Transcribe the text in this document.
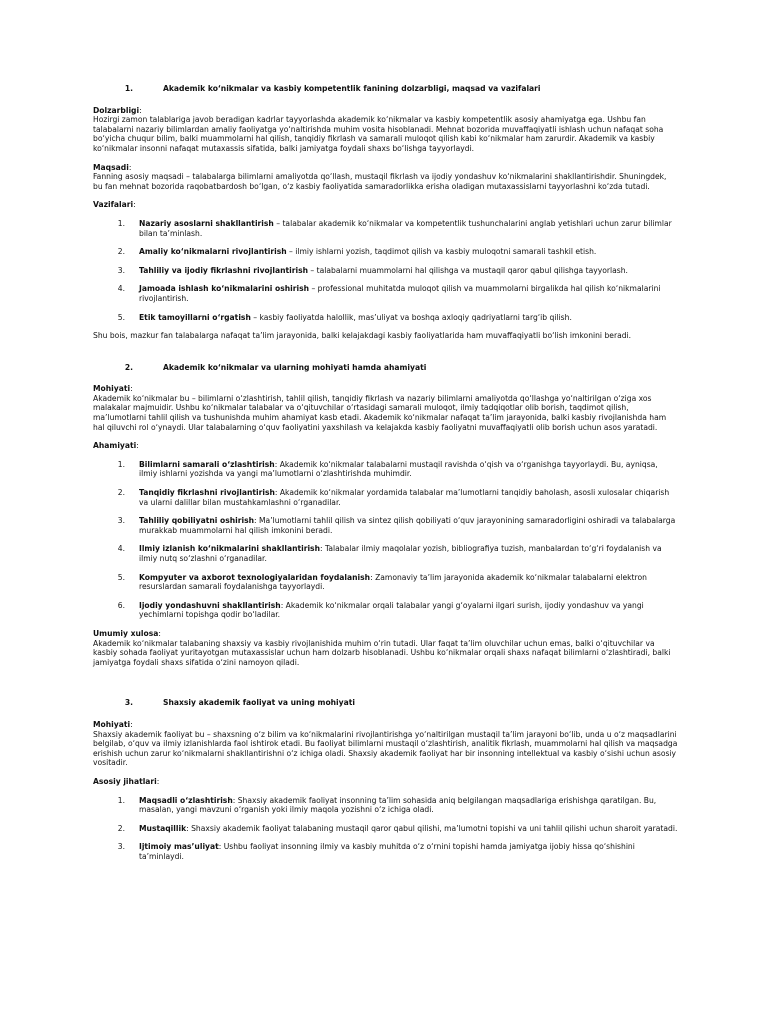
1.	Akademik ko‘nikmalar va kasbiy kompetentlik fanining dolzarbligi, maqsad va vazifalari
Dolzarbligi:
Hozirgi zamon talablariga javob beradigan kadrlar tayyorlashda akademik ko‘nikmalar va kasbiy kompetentlik asosiy ahamiyatga ega. Ushbu fan talabalarni nazariy bilimlardan amaliy faoliyatga yo‘naltirishda muhim vosita hisoblanadi. Mehnat bozorida muvaffaqiyatli ishlash uchun nafaqat soha bo‘yicha chuqur bilim, balki muammolarni hal qilish, tanqidiy fikrlash va samarali muloqot qilish kabi ko‘nikmalar ham zarurdir. Akademik va kasbiy ko‘nikmalar insonni nafaqat mutaxassis sifatida, balki jamiyatga foydali shaxs bo‘lishga tayyorlaydi.
Maqsadi:
Fanning asosiy maqsadi – talabalarga bilimlarni amaliyotda qo‘llash, mustaqil fikrlash va ijodiy yondashuv ko‘nikmalarini shakllantirishdir. Shuningdek, bu fan mehnat bozorida raqobatbardosh bo‘lgan, o‘z kasbiy faoliyatida samaradorlikka erisha oladigan mutaxassislarni tayyorlashni ko‘zda tutadi.
Vazifalari:
1. Nazariy asoslarni shakllantirish – talabalar akademik ko‘nikmalar va kompetentlik tushunchalarini anglab yetishlari uchun zarur bilimlar bilan ta’minlash.
2. Amaliy ko‘nikmalarni rivojlantirish – ilmiy ishlarni yozish, taqdimot qilish va kasbiy muloqotni samarali tashkil etish.
3. Tahliliy va ijodiy fikrlashni rivojlantirish – talabalarni muammolarni hal qilishga va mustaqil qaror qabul qilishga tayyorlash.
4. Jamoada ishlash ko‘nikmalarini oshirish – professional muhitatda muloqot qilish va muammolarni birgalikda hal qilish ko‘nikmalarini rivojlantirish.
5. Etik tamoyillarni o‘rgatish – kasbiy faoliyatda halollik, mas’uliyat va boshqa axloqiy qadriyatlarni targ‘ib qilish.
Shu bois, mazkur fan talabalarga nafaqat ta’lim jarayonida, balki kelajakdagi kasbiy faoliyatlarida ham muvaffaqiyatli bo‘lish imkonini beradi.
2.	Akademik ko‘nikmalar va ularning mohiyati hamda ahamiyati
Mohiyati:
Akademik ko‘nikmalar bu – bilimlarni o‘zlashtirish, tahlil qilish, tanqidiy fikrlash va nazariy bilimlarni amaliyotda qo‘llashga yo‘naltirilgan o‘ziga xos malakalar majmuidir. Ushbu ko‘nikmalar talabalar va o‘qituvchilar o‘rtasidagi samarali muloqot, ilmiy tadqiqotlar olib borish, taqdimot qilish, ma’lumotlarni tahlil qilish va tushunishda muhim ahamiyat kasb etadi. Akademik ko‘nikmalar nafaqat ta’lim jarayonida, balki kasbiy rivojlanishda ham hal qiluvchi rol o‘ynaydi. Ular talabalarning o‘quv faoliyatini yaxshilash va kelajakda kasbiy faoliyatni muvaffaqiyatli olib borish uchun asos yaratadi.
Ahamiyati:
1. Bilimlarni samarali o‘zlashtirish: Akademik ko‘nikmalar talabalarni mustaqil ravishda o‘qish va o‘rganishga tayyorlaydi. Bu, ayniqsa, ilmiy ishlarni yozishda va yangi ma’lumotlarni o‘zlashtirishda muhimdir.
2. Tanqidiy fikrlashni rivojlantirish: Akademik ko‘nikmalar yordamida talabalar ma’lumotlarni tanqidiy baholash, asosli xulosalar chiqarish va ularni dalillar bilan mustahkamlashni o‘rganadilar.
3. Tahliliy qobiliyatni oshirish: Ma’lumotlarni tahlil qilish va sintez qilish qobiliyati o‘quv jarayonining samaradorligini oshiradi va talabalarga murakkab muammolarni hal qilish imkonini beradi.
4. Ilmiy izlanish ko‘nikmalarini shakllantirish: Talabalar ilmiy maqolalar yozish, bibliografiya tuzish, manbalardan to‘g‘ri foydalanish va ilmiy nutq so‘zlashni o‘rganadilar.
5. Kompyuter va axborot texnologiyalaridan foydalanish: Zamonaviy ta’lim jarayonida akademik ko‘nikmalar talabalarni elektron resurslardan samarali foydalanishga tayyorlaydi.
6. Ijodiy yondashuvni shakllantirish: Akademik ko‘nikmalar orqali talabalar yangi g‘oyalarni ilgari surish, ijodiy yondashuv va yangi yechimlarni topishga qodir bo‘ladilar.
Umumiy xulosa:
Akademik ko‘nikmalar talabaning shaxsiy va kasbiy rivojlanishida muhim o‘rin tutadi. Ular faqat ta’lim oluvchilar uchun emas, balki o‘qituvchilar va kasbiy sohada faoliyat yuritayotgan mutaxassislar uchun ham dolzarb hisoblanadi. Ushbu ko‘nikmalar orqali shaxs nafaqat bilimlarni o‘zlashtiradi, balki jamiyatga foydali shaxs sifatida o‘zini namoyon qiladi.
3.	Shaxsiy akademik faoliyat va uning mohiyati
Mohiyati:
Shaxsiy akademik faoliyat bu – shaxsning o‘z bilim va ko‘nikmalarini rivojlantirishga yo‘naltirilgan mustaqil ta’lim jarayoni bo‘lib, unda u o‘z maqsadlarini belgilab, o‘quv va ilmiy izlanishlarda faol ishtirok etadi. Bu faoliyat bilimlarni mustaqil o‘zlashtirish, analitik fikrlash, muammolarni hal qilish va maqsadga erishish uchun zarur ko‘nikmalarni shakllantirishni o‘z ichiga oladi. Shaxsiy akademik faoliyat har bir insonning intellektual va kasbiy o‘sishi uchun asosiy vositadir.
Asosiy jihatlari:
1. Maqsadli o‘zlashtirish: Shaxsiy akademik faoliyat insonning ta’lim sohasida aniq belgilangan maqsadlariga erishishga qaratilgan. Bu, masalan, yangi mavzuni o‘rganish yoki ilmiy maqola yozishni o‘z ichiga oladi.
2. Mustaqillik: Shaxsiy akademik faoliyat talabaning mustaqil qaror qabul qilishi, ma’lumotni topishi va uni tahlil qilishi uchun sharoit yaratadi.
3. Ijtimoiy mas’uliyat: Ushbu faoliyat insonning ilmiy va kasbiy muhitda o‘z o‘rnini topishi hamda jamiyatga ijobiy hissa qo‘shishini ta’minlaydi.
